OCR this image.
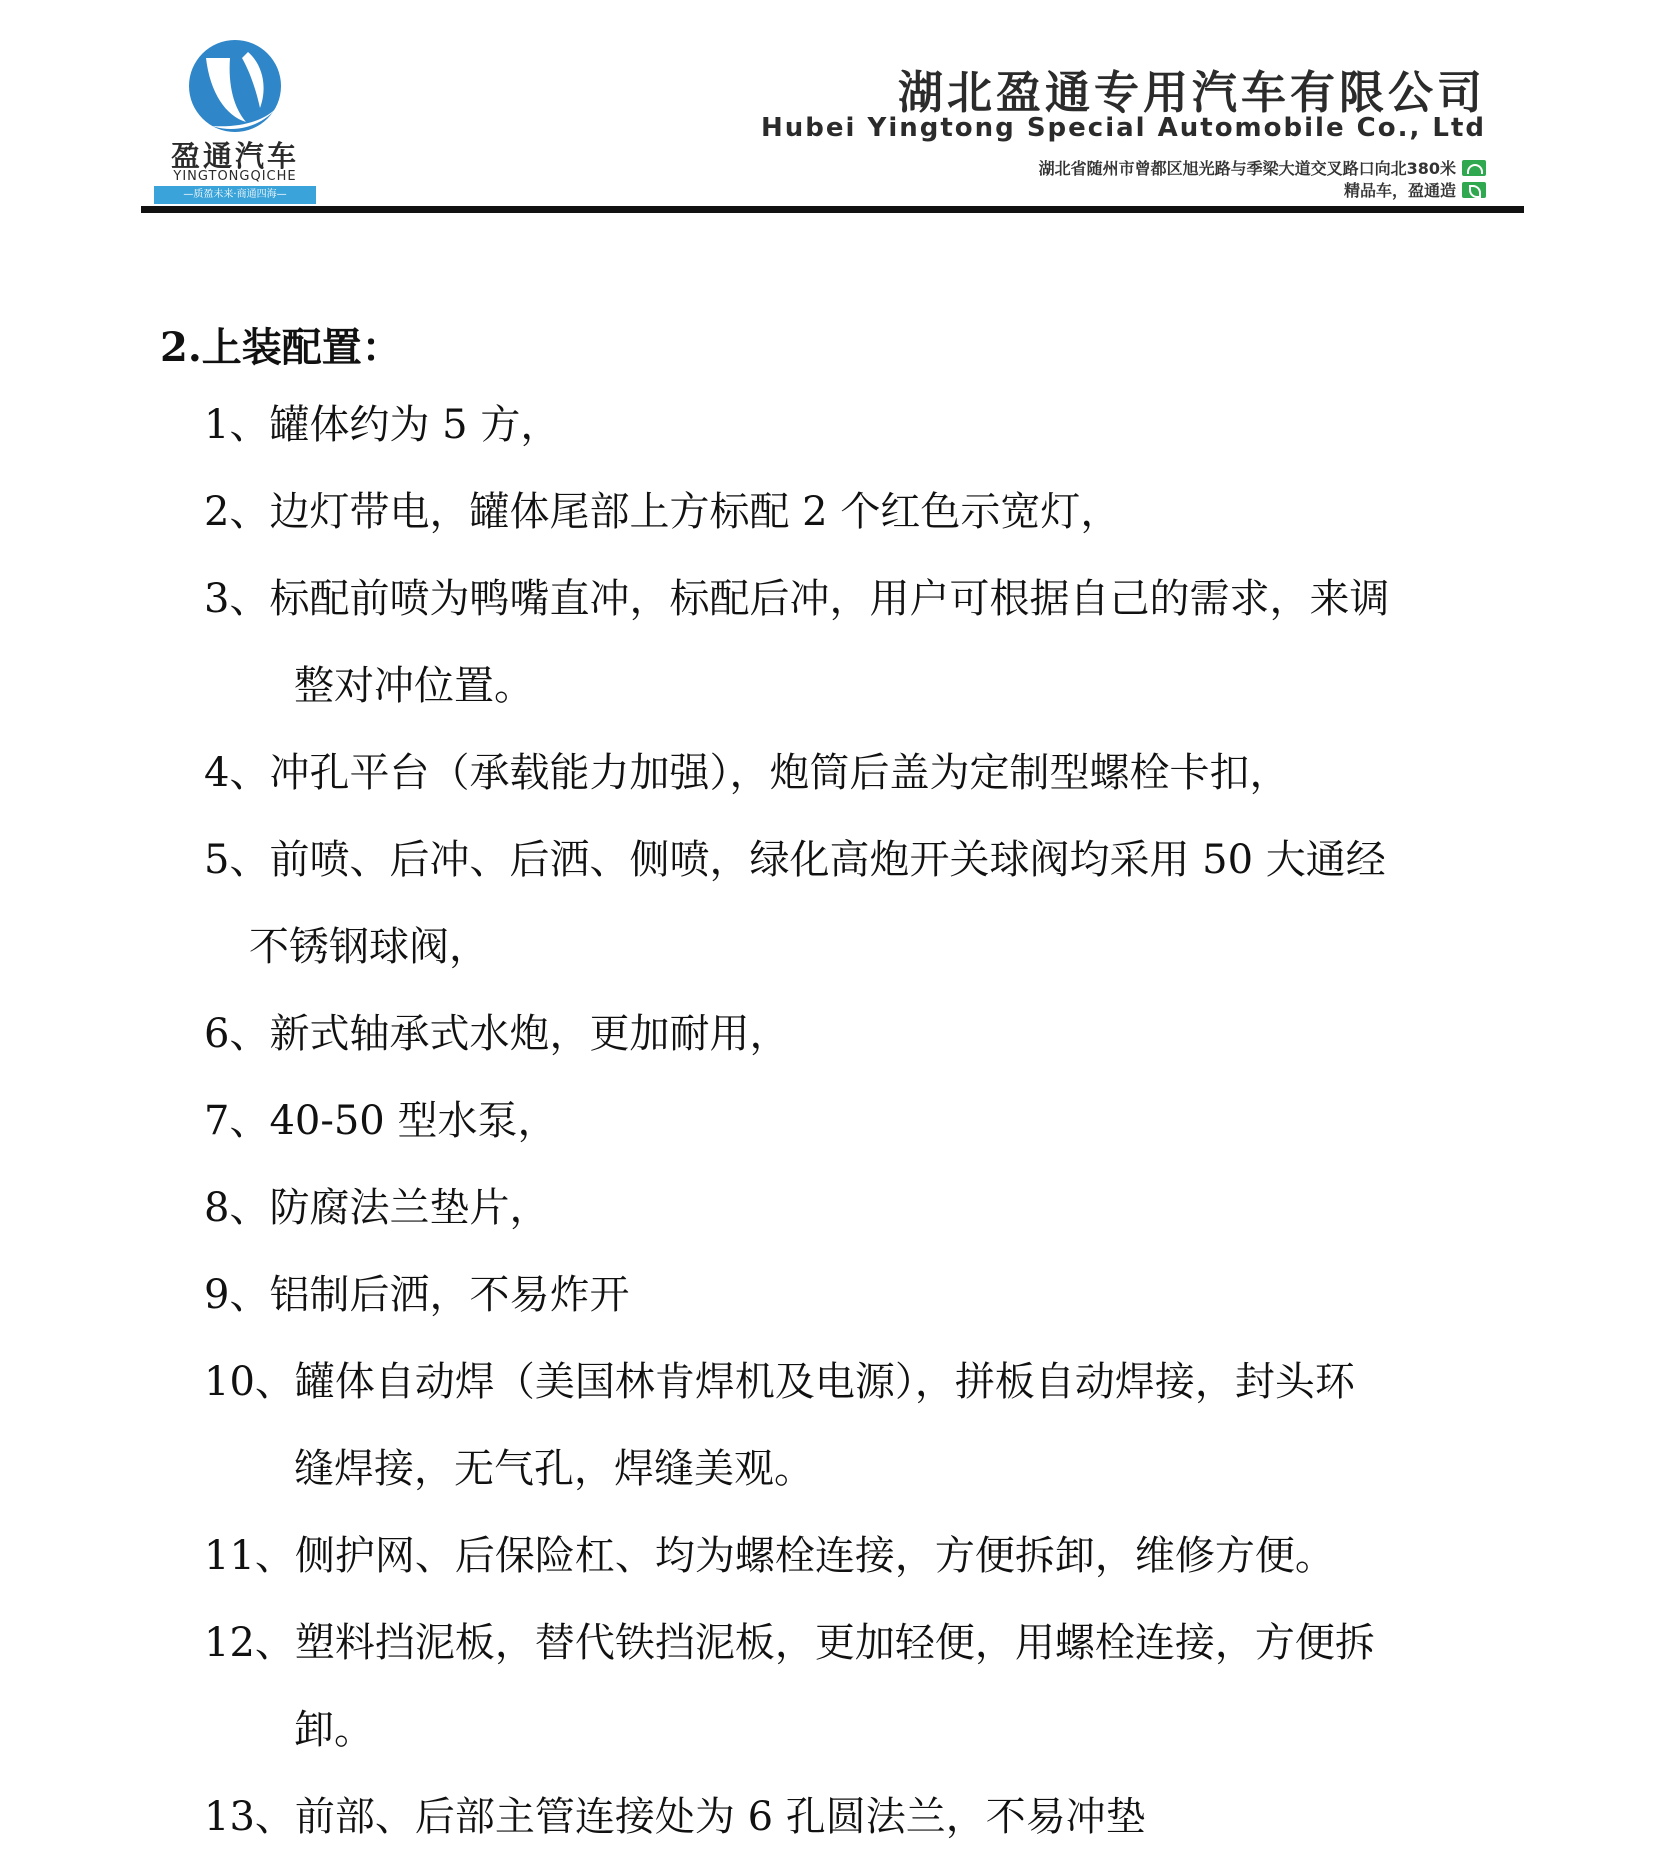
盈通汽车
YINGTONGQICHE
—质盈未来·商通四海—
湖北盈通专用汽车有限公司
Hubei Yingtong Special Automobile Co., Ltd
湖北省随州市曾都区旭光路与季梁大道交叉路口向北380米
精品车，盈通造
2.上装配置：
1、罐体约为 5 方，
2、边灯带电，罐体尾部上方标配 2 个红色示宽灯，
3、标配前喷为鸭嘴直冲，标配后冲，用户可根据自己的需求，来调
整对冲位置。
4、冲孔平台（承载能力加强），炮筒后盖为定制型螺栓卡扣，
5、前喷、后冲、后洒、侧喷，绿化高炮开关球阀均采用 50 大通经
不锈钢球阀，
6、新式轴承式水炮，更加耐用，
7、40-50 型水泵，
8、防腐法兰垫片，
9、铝制后洒，不易炸开
10、罐体自动焊（美国林肯焊机及电源），拼板自动焊接，封头环
缝焊接，无气孔，焊缝美观。
11、侧护网、后保险杠、均为螺栓连接，方便拆卸，维修方便。
12、塑料挡泥板，替代铁挡泥板，更加轻便，用螺栓连接，方便拆
卸。
13、前部、后部主管连接处为 6 孔圆法兰，不易冲垫
